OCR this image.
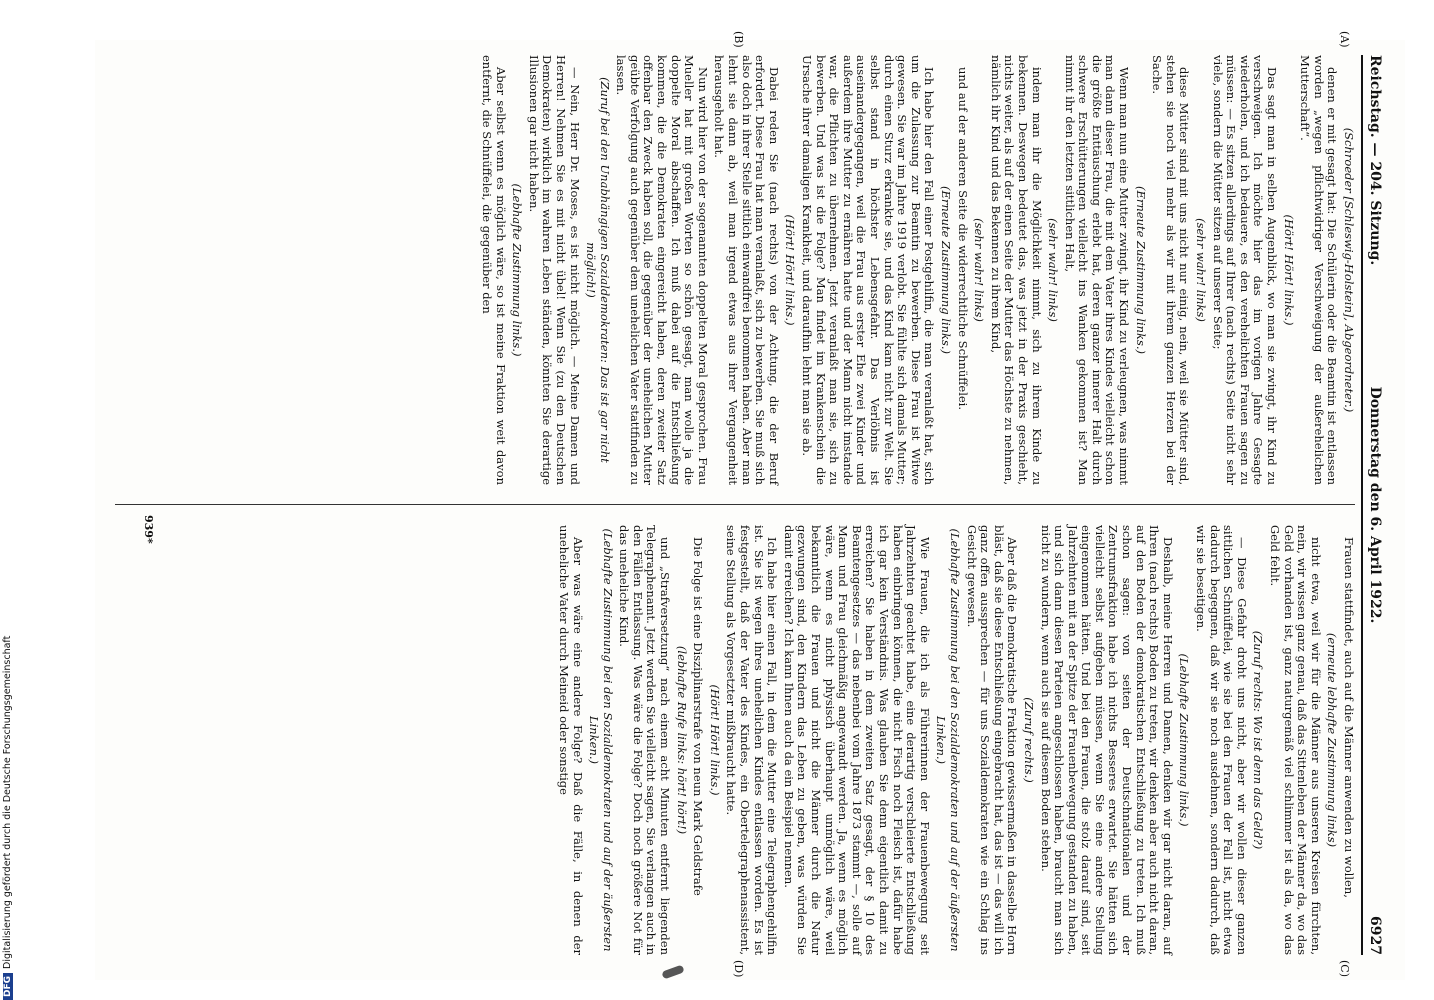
Reichstag. — 204. Sitzung.
Donnerstag den 6. April 1922.
6927
(A)
(B)
(C)
(D)

(Schroeder [Schleswig-Holstein], Abgeordneter.)

denen er mit gesagt hat: Die Schülerin oder die Beamtin ist entlassen worden „wegen pflichtwidriger Verschweigung der außerehelichen Mutterschaft“.

(Hört! Hört! links.)

Das sagt man in selben Augenblick, wo man sie zwingt, ihr Kind zu verschweigen. Ich möchte hier das im vorigen Jahre Gesagte wiederholen, und ich bedauere, es den verehelichten Frauen sagen zu müssen: — Es sitzen allerdings auf Ihrer (nach rechts) Seite nicht sehr viele, sondern die Mütter sitzen auf unserer Seite;

(sehr wahr! links)

diese Mütter sind mit uns nicht nur einig, nein, weil sie Mütter sind, stehen sie noch viel mehr als wir mit ihrem ganzen Herzen bei der Sache.

(Erneute Zustimmung links.)

Wenn man nun eine Mutter zwingt, ihr Kind zu verleugnen, was nimmt man dann dieser Frau, die mit dem Vater ihres Kindes vielleicht schon die größte Enttäuschung erlebt hat, deren ganzer innerer Halt durch schwere Erschütterungen vielleicht ins Wanken gekommen ist? Man nimmt ihr den letzten sittlichen Halt,

(sehr wahr! links)

indem man ihr die Möglichkeit nimmt, sich zu ihrem Kinde zu bekennen. Deswegen bedeutet das, was jetzt in der Praxis geschieht, nichts weiter, als auf der einen Seite der Mutter das Höchste zu nehmen, nämlich ihr Kind und das Bekennen zu ihrem Kind,

(sehr wahr! links)

und auf der anderen Seite die widerrechtliche Schnüffelei.

(Erneute Zustimmung links.)

Ich habe hier den Fall einer Postgehilfin, die man veranlaßt hat, sich um die Zulassung zur Beamtin zu bewerben. Diese Frau ist Witwe gewesen. Sie war im Jahre 1919 verlobt. Sie fühlte sich damals Mutter; durch einen Sturz erkrankte sie, und das Kind kam nicht zur Welt. Sie selbst stand in höchster Lebensgefahr. Das Verlöbnis ist auseinandergegangen, weil die Frau aus erster Ehe zwei Kinder und außerdem ihre Mutter zu ernähren hatte und der Mann nicht imstande war, die Pflichten zu übernehmen. Jetzt veranlaßt man sie, sich zu bewerben. Und was ist die Folge? Man findet im Krankenschein die Ursache ihrer damaligen Krankheit, und daraufhin lehnt man sie ab.

(Hört! Hört! links.)

Dabei reden Sie (nach rechts) von der Achtung, die der Beruf erfordert. Diese Frau hat man veranlaßt, sich zu bewerben. Sie muß sich also doch in ihrer Stelle sittlich einwandfrei benommen haben. Aber man lehnt sie dann ab, weil man irgend etwas aus ihrer Vergangenheit herausgeholt hat.

Nun wird hier von der sogenannten doppelten Moral gesprochen. Frau Mueller hat mit großen Worten so schön gesagt, man wolle ja die doppelte Moral abschaffen. Ich muß dabei auf die Entschließung kommen, die die Demokraten eingereicht haben, deren zweiter Satz offenbar den Zweck haben soll, die gegenüber der unehelichen Mutter geübte Verfolgung auch gegenüber dem unehelichen Vater stattfinden zu lassen.

(Zuruf bei den Unabhängigen Sozialdemokraten: Das ist gar nicht möglich!)

— Nein, Herr Dr. Moses, es ist nicht möglich. — Meine Damen und Herren! Nehmen Sie es mit nicht übel! Wenn Sie (zu den Deutschen Demokraten) wirklich im wahren Leben ständen, könnten Sie derartige Illusionen gar nicht haben.

(Lebhafte Zustimmung links.)

Aber selbst wenn es möglich wäre, so ist meine Fraktion weit davon entfernt, die Schnüffelei, die gegenüber den

Frauen stattfindet, auch auf die Männer anwenden zu wollen,

(erneute lebhafte Zustimmung links)

nicht etwa, weil wir für die Männer aus unseren Kreisen fürchten, nein, wir wissen ganz genau, daß das Sittenleben der Männer da, wo das Geld vorhanden ist, ganz naturgemäß viel schlimmer ist als da, wo das Geld fehlt.

(Zuruf rechts: Wo ist denn das Geld?)

— Diese Gefahr droht uns nicht, aber wir wollen dieser ganzen sittlichen Schnüffelei, wie sie bei den Frauen der Fall ist, nicht etwa dadurch begegnen, daß wir sie noch ausdehnen, sondern dadurch, daß wir sie beseitigen.

(Lebhafte Zustimmung links.)

Deshalb, meine Herren und Damen, denken wir gar nicht daran, auf Ihren (nach rechts) Boden zu treten, wir denken aber auch nicht daran, auf den Boden der demokratischen Entschließung zu treten. Ich muß schon sagen: von seiten der Deutschnationalen und der Zentrumsfraktion habe ich nichts Besseres erwartet. Sie hätten sich vielleicht selbst aufgeben müssen, wenn Sie eine andere Stellung eingenommen hätten. Und bei den Frauen, die stolz darauf sind, seit Jahrzehnten mit an der Spitze der Frauenbewegung gestanden zu haben, und sich dann diesen Parteien angeschlossen haben, braucht man sich nicht zu wundern, wenn auch sie auf diesem Boden stehen.

(Zuruf rechts.)

Aber daß die Demokratische Fraktion gewissermaßen in dasselbe Horn bläst, daß sie diese Entschließung eingebracht hat, das ist — das will ich ganz offen aussprechen — für uns Sozialdemokraten wie ein Schlag ins Gesicht gewesen.

(Lebhafte Zustimmung bei den Sozialdemokraten und auf der äußersten Linken.)

Wie Frauen, die ich als Führerinnen der Frauenbewegung seit Jahrzehnten geachtet habe, eine derartig verschleierte Entschließung haben einbringen können, die nicht Fisch noch Fleisch ist, dafür habe ich gar kein Verständnis. Was glauben Sie denn eigentlich damit zu erreichen? Sie haben in dem zweiten Satz gesagt, der § 10 des Beamtengesetzes — das nebenbei vom Jahre 1873 stammt —, solle auf Mann und Frau gleichmäßig angewandt werden. Ja, wenn es möglich wäre, wenn es nicht physisch überhaupt unmöglich wäre, weil bekanntlich die Frauen und nicht die Männer durch die Natur gezwungen sind, den Kindern das Leben zu geben, was würden Sie damit erreichen? Ich kann Ihnen auch da ein Beispiel nennen.

Ich habe hier einen Fall, in dem die Mutter eine Telegraphengehilfin ist. Sie ist wegen ihres unehelichen Kindes entlassen worden. Es ist festgestellt, daß der Vater des Kindes, ein Obertelegraphenassistent, seine Stellung als Vorgesetzter mißbraucht hatte.

(Hört! Hört! links.)

Die Folge ist eine Disziplinarstrafe von neun Mark Geldstrafe

(lebhafte Rufe links: hört! hört!)

und „Strafversetzung“ nach einem acht Minuten entfernt liegenden Telegraphenamt. Jetzt werden Sie vielleicht sagen, Sie verlangen auch in den Fällen Entlassung. Was wäre die Folge? Doch noch größere Not für das uneheliche Kind.

(Lebhafte Zustimmung bei den Sozialdemokraten und auf der äußersten Linken.)

Aber was wäre eine andere Folge? Daß die Fälle, in denen der uneheliche Vater durch Meineid oder sonstige

939*
DFGDigitalisierung gefördert durch die Deutsche Forschungsgemeinschaft
